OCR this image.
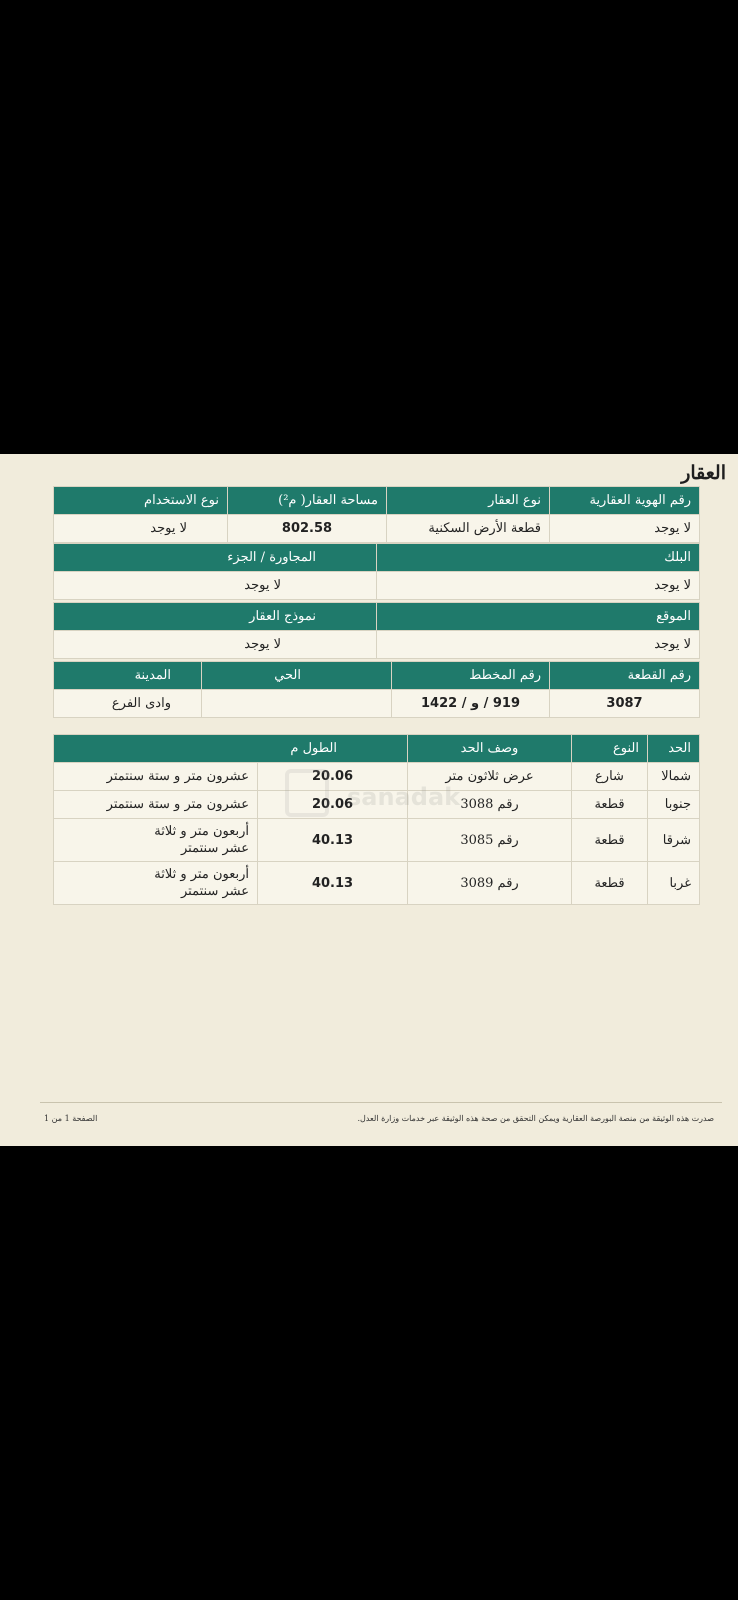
العقار
رقم الهوية العقارية	نوع العقار	مساحة العقار( م²)	نوع الاستخدام
لا يوجد	قطعة الأرض السكنية	802.58	لا يوجد
البلك	المجاورة / الجزء
لا يوجد	لا يوجد
الموقع	نموذج العقار
لا يوجد	لا يوجد
رقم القطعة	رقم المخطط	الحي	المدينة
3087	919 / و / 1422		وادى الفرع
الحد	النوع	وصف الحد	الطول م	
شمالا	شارع	عرض ثلاثون متر	20.06	عشرون متر و ستة سنتمتر
جنوبا	قطعة	رقم 3088	20.06	عشرون متر و ستة سنتمتر
شرقا	قطعة	رقم 3085	40.13	أربعون متر و ثلاثة عشر سنتمتر
غربا	قطعة	رقم 3089	40.13	أربعون متر و ثلاثة عشر سنتمتر
صدرت هذه الوثيقة من منصة البورصة العقارية ويمكن التحقق من صحة هذه الوثيقة عبر خدمات وزارة العدل.
الصفحة 1 من 1
